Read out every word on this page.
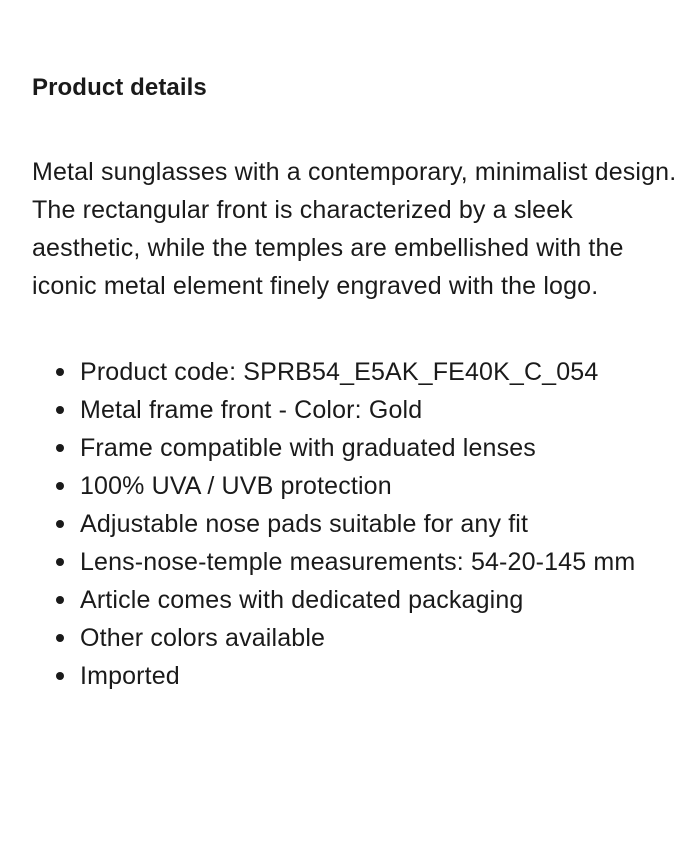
Product details

Metal sunglasses with a contemporary, minimalist design. The rectangular front is characterized by a sleek aesthetic, while the temples are embellished with the iconic metal element finely engraved with the logo.

Product code: SPRB54_E5AK_FE40K_C_054
Metal frame front - Color: Gold
Frame compatible with graduated lenses
100% UVA / UVB protection
Adjustable nose pads suitable for any fit
Lens-nose-temple measurements: 54-20-145 mm
Article comes with dedicated packaging
Other colors available
Imported
